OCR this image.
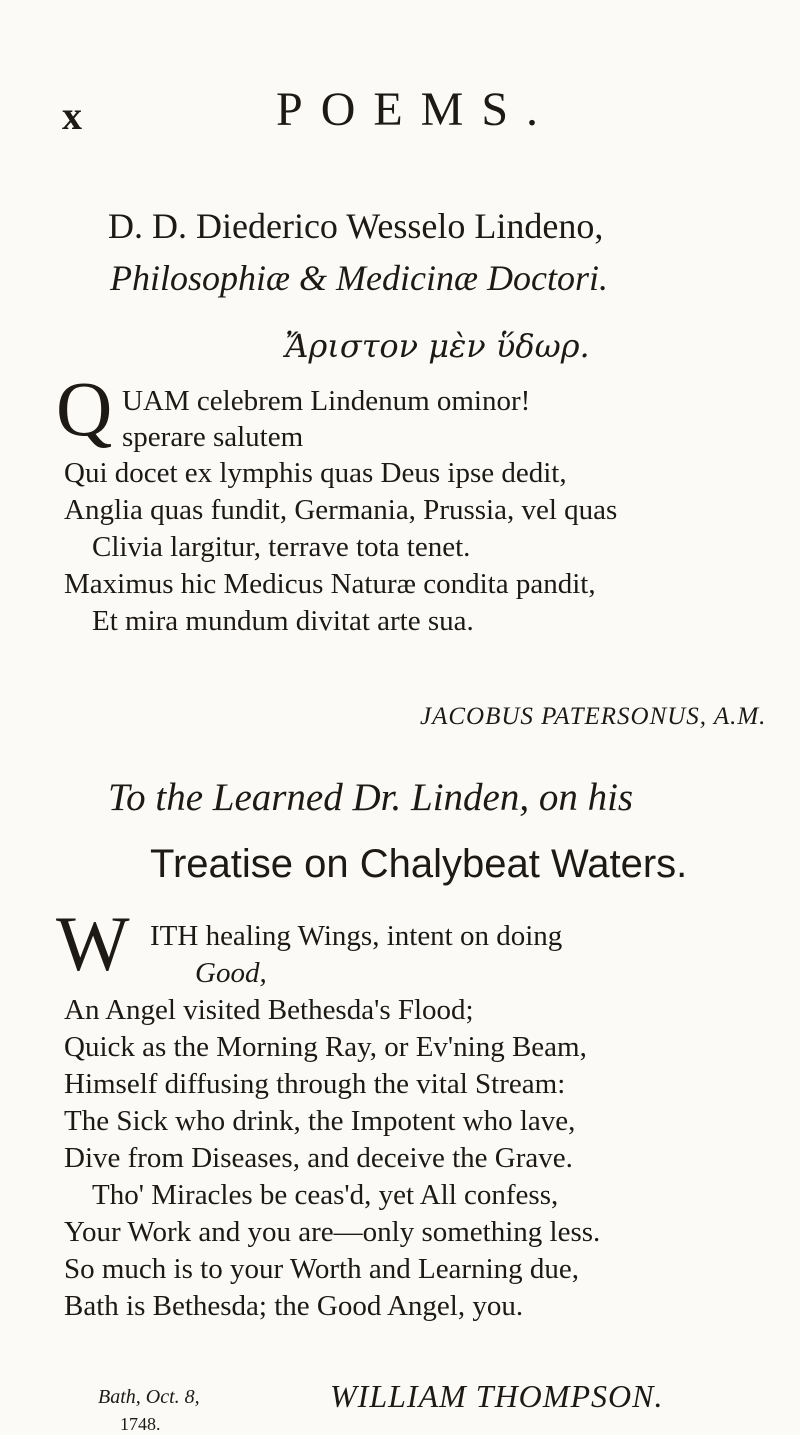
x	POEMS.
D. D. Diederico Wesselo Lindeno,
Philosophiæ & Medicinæ Doctori.
Ἄριστον μὲν ὕδωρ.
Q UAM celebrem Lindenum ominor!
sperare salutem
Qui docet ex lymphis quas Deus ipse dedit,
Anglia quas fundit, Germania, Prussia, vel quas
Clivia largitur, terrave tota tenet.
Maximus hic Medicus Naturæ condita pandit,
Et mira mundum divitat arte sua.
JACOBUS PATERSONUS, A.M.
To the Learned Dr. Linden, on his
Treatise on Chalybeat Waters.
W ITH healing Wings, intent on doing
Good,
An Angel visited Bethesda's Flood;
Quick as the Morning Ray, or Ev'ning Beam,
Himself diffusing through the vital Stream:
The Sick who drink, the Impotent who lave,
Dive from Diseases, and deceive the Grave.
Tho' Miracles be ceas'd, yet All confess,
Your Work and you are—only something less.
So much is to your Worth and Learning due,
Bath is Bethesda; the Good Angel, you.
Bath, Oct. 8,
1748.
WILLIAM THOMPSON.
